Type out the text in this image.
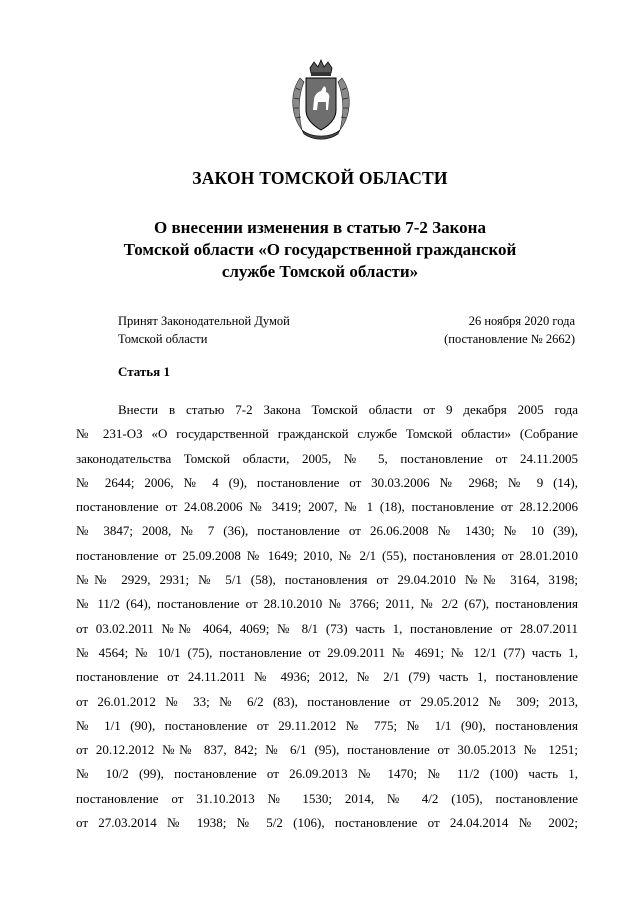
ЗАКОН ТОМСКОЙ ОБЛАСТИ
О внесении изменения в статью 7-2 Закона
Томской области «О государственной гражданской
службе Томской области»
Принят Законодательной Думой
Томской области
26 ноября 2020 года
(постановление № 2662)
Статья 1
Внести в статью 7-2 Закона Томской области от 9 декабря 2005 года
№ 231-ОЗ «О государственной гражданской службе Томской области» (Собрание
законодательства Томской области, 2005, № 5, постановление от 24.11.2005
№ 2644; 2006, № 4 (9), постановление от 30.03.2006 № 2968; № 9 (14),
постановление от 24.08.2006 № 3419; 2007, № 1 (18), постановление от 28.12.2006
№ 3847; 2008, № 7 (36), постановление от 26.06.2008 № 1430; № 10 (39),
постановление от 25.09.2008 № 1649; 2010, № 2/1 (55), постановления от 28.01.2010
№№ 2929, 2931; № 5/1 (58), постановления от 29.04.2010 №№ 3164, 3198;
№ 11/2 (64), постановление от 28.10.2010 № 3766; 2011, № 2/2 (67), постановления
от 03.02.2011 №№ 4064, 4069; № 8/1 (73) часть 1, постановление от 28.07.2011
№ 4564; № 10/1 (75), постановление от 29.09.2011 № 4691; № 12/1 (77) часть 1,
постановление от 24.11.2011 № 4936; 2012, № 2/1 (79) часть 1, постановление
от 26.01.2012 № 33; № 6/2 (83), постановление от 29.05.2012 № 309; 2013,
№ 1/1 (90), постановление от 29.11.2012 № 775; № 1/1 (90), постановления
от 20.12.2012 №№ 837, 842; № 6/1 (95), постановление от 30.05.2013 № 1251;
№ 10/2 (99), постановление от 26.09.2013 № 1470; № 11/2 (100) часть 1,
постановление от 31.10.2013 № 1530; 2014, № 4/2 (105), постановление
от 27.03.2014 № 1938; № 5/2 (106), постановление от 24.04.2014 № 2002;
